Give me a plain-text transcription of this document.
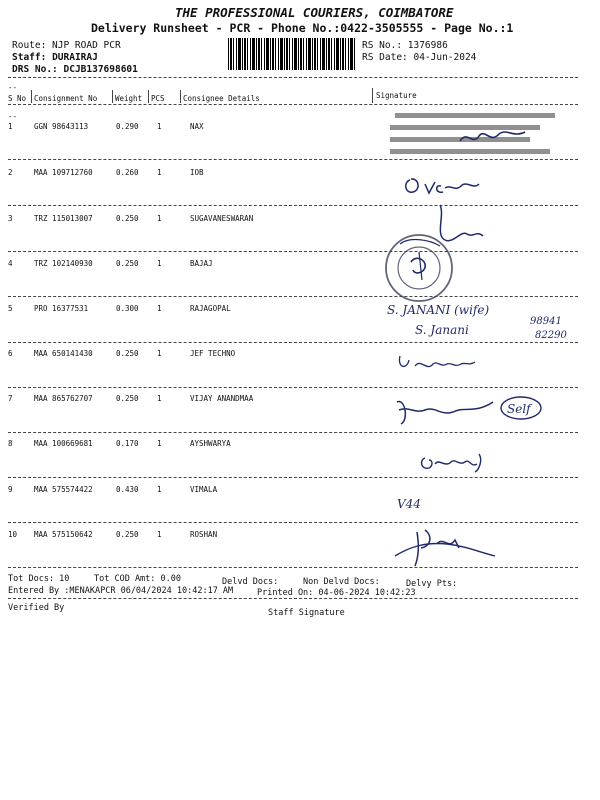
THE PROFESSIONAL COURIERS, COIMBATORE
Delivery Runsheet - PCR - Phone No.:0422-3505555 - Page No.:1
Route: NJP ROAD PCR
Staff: DURAIRAJ
DRS No.: DCJB137698601
RS No.: 1376986
RS Date: 04-Jun-2024
--
S No Consignment No Weight PCS Consignee Details	Signature
--
1	GGN 98643113	0.290 1	NAX
2	MAA 109712760	0.260 1	IOB
3	TRZ 115013007	0.250 1	SUGAVANESWARAN
4	TRZ 102140930	0.250 1	BAJAJ
5	PRO 16377531	0.300 1	RAJAGOPAL
6	MAA 650141430	0.250 1	JEF TECHNO
7	MAA 865762707	0.250 1	VIJAY ANANDMAA
8	MAA 100669681	0.170 1	AYSHWARYA
9	MAA 575574422	0.430 1	VIMALA
10 MAA 575150642	0.250 1	ROSHAN
S. JANANI (wife)
S. Janani
98941
82290
Self
V44
Tot Docs: 10	Tot COD Amt: 0.00	Delvd Docs:	Non Delvd Docs:	Delvy Pts:
Entered By :MENAKAPCR 06/04/2024 10:42:17 AM	Printed On: 04-06-2024 10:42:23
Verified By	Staff Signature
